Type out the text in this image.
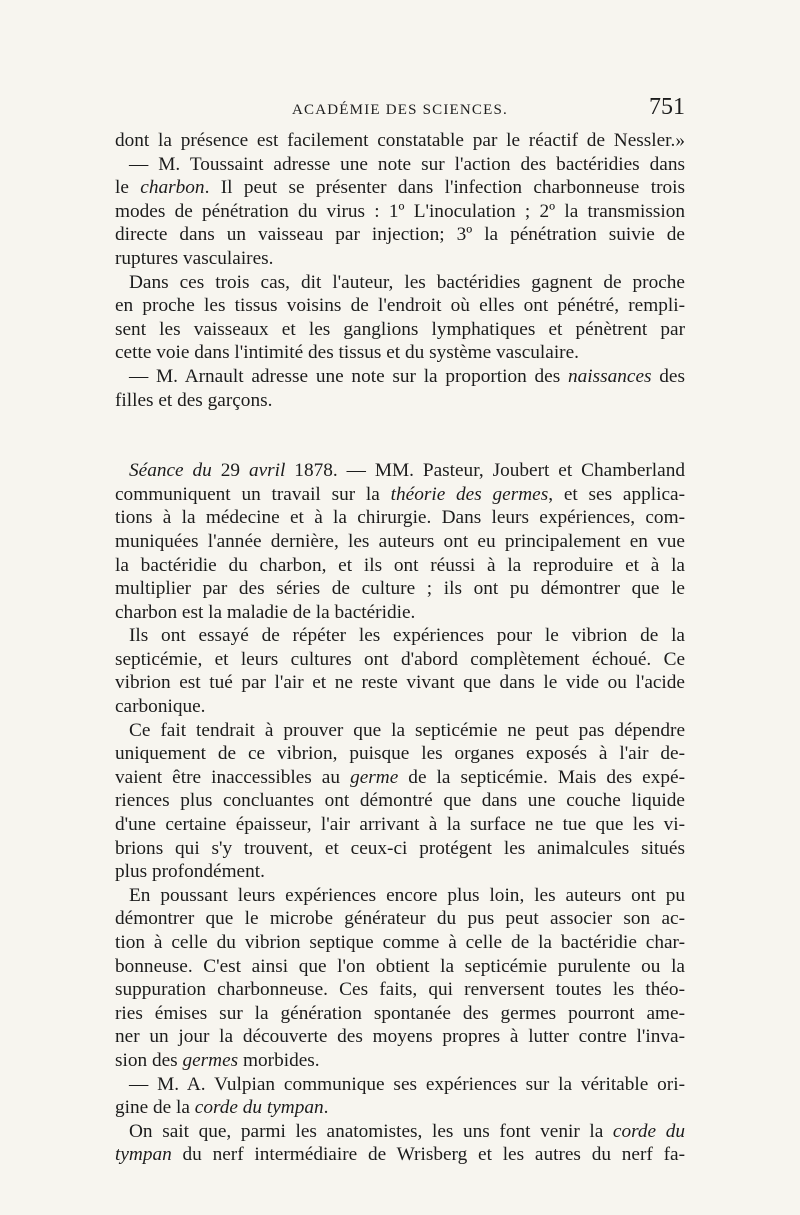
ACADÉMIE DES SCIENCES.	751
dont la présence est facilement constatable par le réactif de Nessler.»
— M. Toussaint adresse une note sur l'action des bactéridies dans
le charbon. Il peut se présenter dans l'infection charbonneuse trois
modes de pénétration du virus : 1º L'inoculation ; 2º la transmission
directe dans un vaisseau par injection; 3º la pénétration suivie de
ruptures vasculaires.
Dans ces trois cas, dit l'auteur, les bactéridies gagnent de proche
en proche les tissus voisins de l'endroit où elles ont pénétré, rempli-
sent les vaisseaux et les ganglions lymphatiques et pénètrent par
cette voie dans l'intimité des tissus et du système vasculaire.
— M. Arnault adresse une note sur la proportion des naissances des
filles et des garçons.
Séance du 29 avril 1878. — MM. Pasteur, Joubert et Chamberland
communiquent un travail sur la théorie des germes, et ses applica-
tions à la médecine et à la chirurgie. Dans leurs expériences, com-
muniquées l'année dernière, les auteurs ont eu principalement en vue
la bactéridie du charbon, et ils ont réussi à la reproduire et à la
multiplier par des séries de culture ; ils ont pu démontrer que le
charbon est la maladie de la bactéridie.
Ils ont essayé de répéter les expériences pour le vibrion de la
septicémie, et leurs cultures ont d'abord complètement échoué. Ce
vibrion est tué par l'air et ne reste vivant que dans le vide ou l'acide
carbonique.
Ce fait tendrait à prouver que la septicémie ne peut pas dépendre
uniquement de ce vibrion, puisque les organes exposés à l'air de-
vaient être inaccessibles au germe de la septicémie. Mais des expé-
riences plus concluantes ont démontré que dans une couche liquide
d'une certaine épaisseur, l'air arrivant à la surface ne tue que les vi-
brions qui s'y trouvent, et ceux-ci protégent les animalcules situés
plus profondément.
En poussant leurs expériences encore plus loin, les auteurs ont pu
démontrer que le microbe générateur du pus peut associer son ac-
tion à celle du vibrion septique comme à celle de la bactéridie char-
bonneuse. C'est ainsi que l'on obtient la septicémie purulente ou la
suppuration charbonneuse. Ces faits, qui renversent toutes les théo-
ries émises sur la génération spontanée des germes pourront ame-
ner un jour la découverte des moyens propres à lutter contre l'inva-
sion des germes morbides.
— M. A. Vulpian communique ses expériences sur la véritable ori-
gine de la corde du tympan.
On sait que, parmi les anatomistes, les uns font venir la corde du
tympan du nerf intermédiaire de Wrisberg et les autres du nerf fa-
